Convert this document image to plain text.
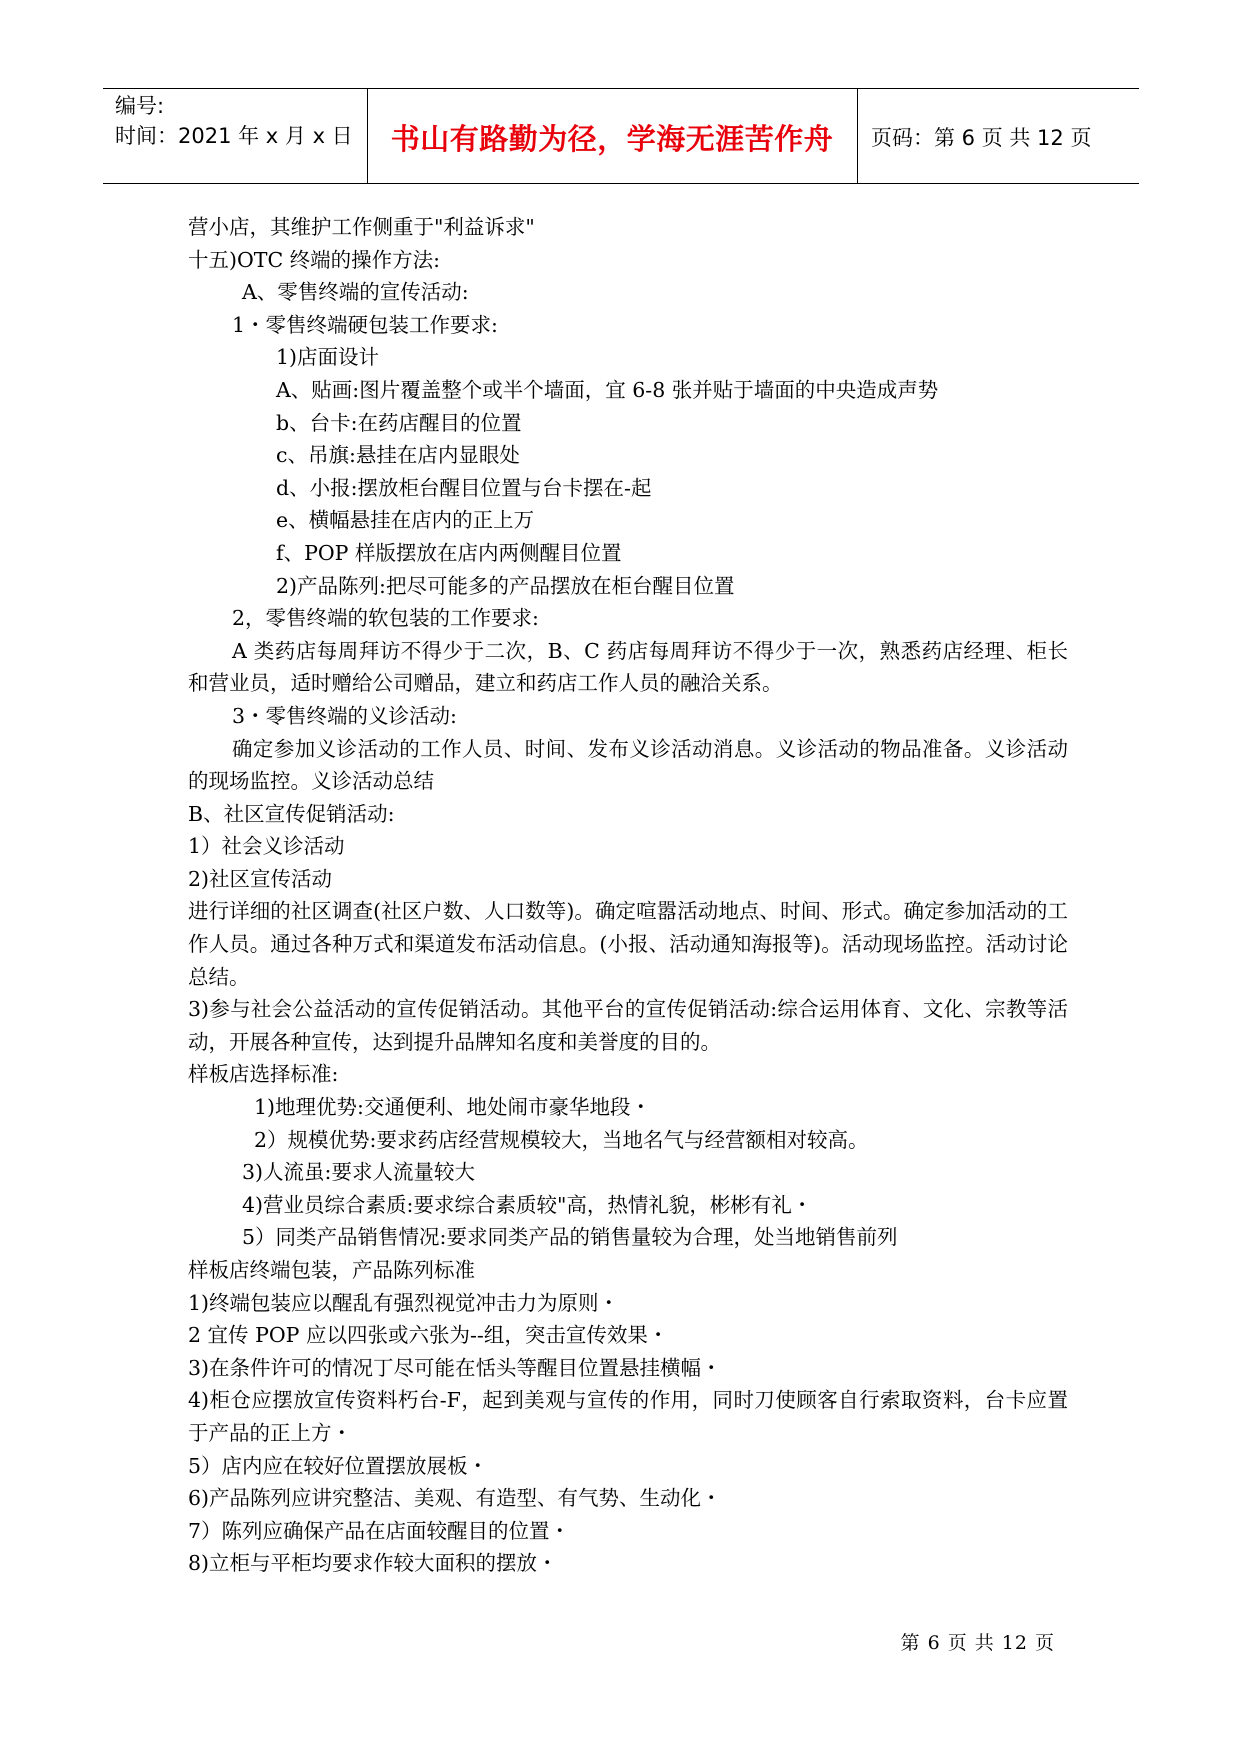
编号:
时间：2021 年 x 月 x 日	书山有路勤为径，学海无涯苦作舟	页码：第 6 页 共 12 页

营小店，其维护工作侧重于"利益诉求"

十五)OTC 终端的操作方法:

A、零售终端的宣传活动:

1・零售终端硬包装工作要求:

1)店面设计

A、贴画:图片覆盖整个或半个墙面，宜 6-8 张并贴于墙面的中央造成声势

b、台卡:在药店醒目的位置

c、吊旗:悬挂在店内显眼处

d、小报:摆放柜台醒目位置与台卡摆在-起

e、横幅悬挂在店内的正上万

f、POP 样版摆放在店内两侧醒目位置

2)产品陈列:把尽可能多的产品摆放在柜台醒目位置

2，零售终端的软包装的工作要求:

A 类药店每周拜访不得少于二次，B、C 药店每周拜访不得少于一次，熟悉药店经理、柜长和营业员，适时赠给公司赠品，建立和药店工作人员的融洽关系。

3・零售终端的义诊活动:

确定参加义诊活动的工作人员、时间、发布义诊活动消息。义诊活动的物品准备。义诊活动的现场监控。义诊活动总结

B、社区宣传促销活动:

1）社会义诊活动

2)社区宣传活动

进行详细的社区调查(社区户数、人口数等)。确定喧嚣活动地点、时间、形式。确定参加活动的工作人员。通过各种万式和渠道发布活动信息。(小报、活动通知海报等)。活动现场监控。活动讨论总结。

3)参与社会公益活动的宣传促销活动。其他平台的宣传促销活动:综合运用体育、文化、宗教等活动，开展各种宣传，达到提升品牌知名度和美誉度的目的。

样板店选择标准:

1)地理优势:交通便利、地处闹市豪华地段・

2）规模优势:要求药店经营规模较大，当地名气与经营额相对较高。

3)人流虽:要求人流量较大

4)营业员综合素质:要求综合素质较"高，热情礼貌，彬彬有礼・

5）同类产品销售情况:要求同类产品的销售量较为合理，处当地销售前列

样板店终端包装，产品陈列标准

1)终端包装应以醒乱有强烈视觉冲击力为原则・

2 宜传 POP 应以四张或六张为--组，突击宣传效果・

3)在条件许可的情况丁尽可能在恬头等醒目位置悬挂横幅・

4)柜仓应摆放宣传资料朽台-F，起到美观与宣传的作用，同时刀使顾客自行索取资料，台卡应置于产品的正上方・

5）店内应在较好位置摆放展板・

6)产品陈列应讲究整洁、美观、有造型、有气势、生动化・

7）陈列应确保产品在店面较醒目的位置・

8)立柜与平柜均要求作较大面积的摆放・

第 6 页 共 12 页
